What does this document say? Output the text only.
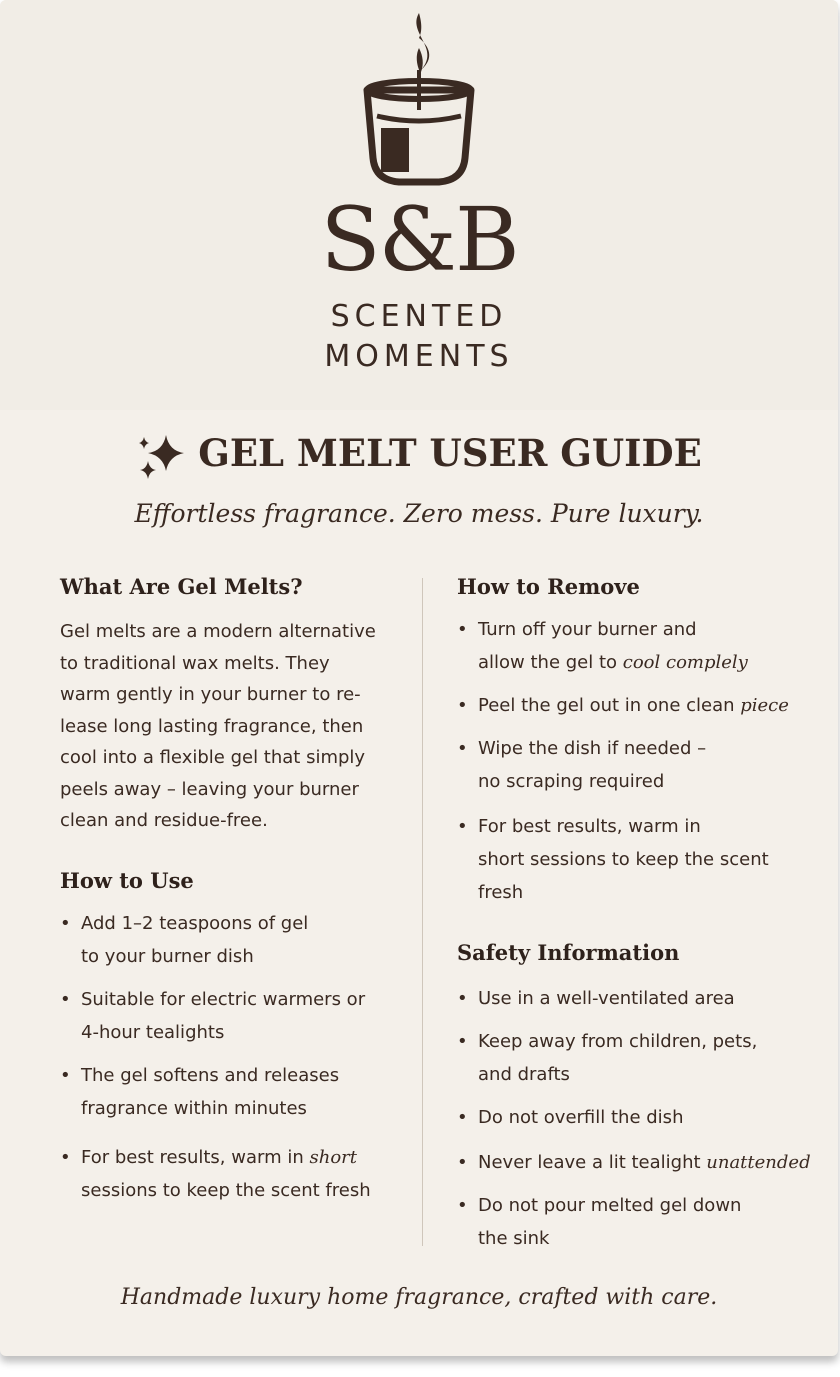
S&B
SCENTED
MOMENTS
GEL MELT USER GUIDE
Effortless fragrance. Zero mess. Pure luxury.
What Are Gel Melts?
Gel melts are a modern alternative
to traditional wax melts. They
warm gently in your burner to re-
lease long lasting fragrance, then
cool into a flexible gel that simply
peels away – leaving your burner
clean and residue-free.
How to Use
• Add 1–2 teaspoons of gel
to your burner dish
• Suitable for electric warmers or
4-hour tealights
• The gel softens and releases
fragrance within minutes
• For best results, warm in short
sessions to keep the scent fresh
How to Remove
• Turn off your burner and
allow the gel to cool complely
• Peel the gel out in one clean piece
• Wipe the dish if needed –
no scraping required
• For best results, warm in
short sessions to keep the scent
fresh
Safety Information
• Use in a well-ventilated area
• Keep away from children, pets,
and drafts
• Do not overfill the dish
• Never leave a lit tealight unattended
• Do not pour melted gel down
the sink
Handmade luxury home fragrance, crafted with care.
